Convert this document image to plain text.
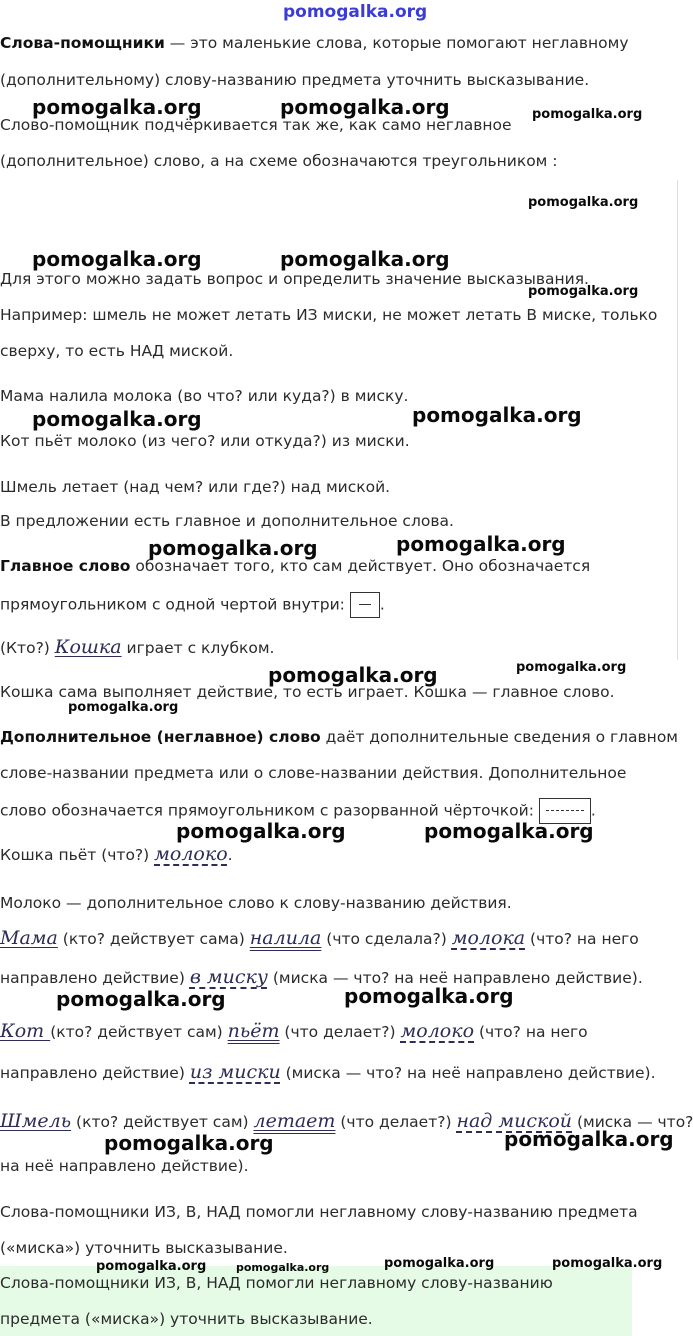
Слова-помощники — это маленькие слова, которые помогают неглавному
(дополнительному) слову-названию предмета уточнить высказывание.
Слово-помощник подчёркивается так же, как само неглавное
(дополнительное) слово, а на схеме обозначаются треугольником :
Для этого можно задать вопрос и определить значение высказывания.
Например: шмель не может летать ИЗ миски, не может летать В миске, только
сверху, то есть НАД миской.
Мама налила молока (во что? или куда?) в миску.
Кот пьёт молоко (из чего? или откуда?) из миски.
Шмель летает (над чем? или где?) над миской.
В предложении есть главное и дополнительное слова.
Главное слово обозначает того, кто сам действует. Оно обозначается
прямоугольником с одной чертой внутри: .
(Кто?) Кошка играет с клубком.
Кошка сама выполняет действие, то есть играет. Кошка — главное слово.
Дополнительное (неглавное) слово даёт дополнительные сведения о главном
слове-названии предмета или о слове-названии действия. Дополнительное
слово обозначается прямоугольником с разорванной чёрточкой:	.
Кошка пьёт (что?) молоко.
Молоко — дополнительное слово к слову-названию действия.
Мама (кто? действует сама) налила (что сделала?) молока (что? на него
направлено действие) в миску (миска — что? на неё направлено действие).
Кот (кто? действует сам) пьёт (что делает?) молоко (что? на него
направлено действие) из миски (миска — что? на неё направлено действие).
Шмель (кто? действует сам) летает (что делает?) над миской (миска — что?
на неё направлено действие).
Слова-помощники ИЗ, В, НАД помогли неглавному слову-названию предмета
(«миска») уточнить высказывание.
Слова-помощники ИЗ, В, НАД помогли неглавному слову-названию
предмета («миска») уточнить высказывание.
pomogalka.org
pomogalka.org	pomogalka.org	pomogalka.org
pomogalka.org
pomogalka.org	pomogalka.org
pomogalka.org
pomogalka.org	pomogalka.org
pomogalka.org	pomogalka.org
pomogalka.org	pomogalka.org
pomogalka.org
pomogalka.org	pomogalka.org
pomogalka.org	pomogalka.org
pomogalka.org	pomogalka.org
pomogalka.org	pomogalka.org
pomogalka.org	pomogalka.org
